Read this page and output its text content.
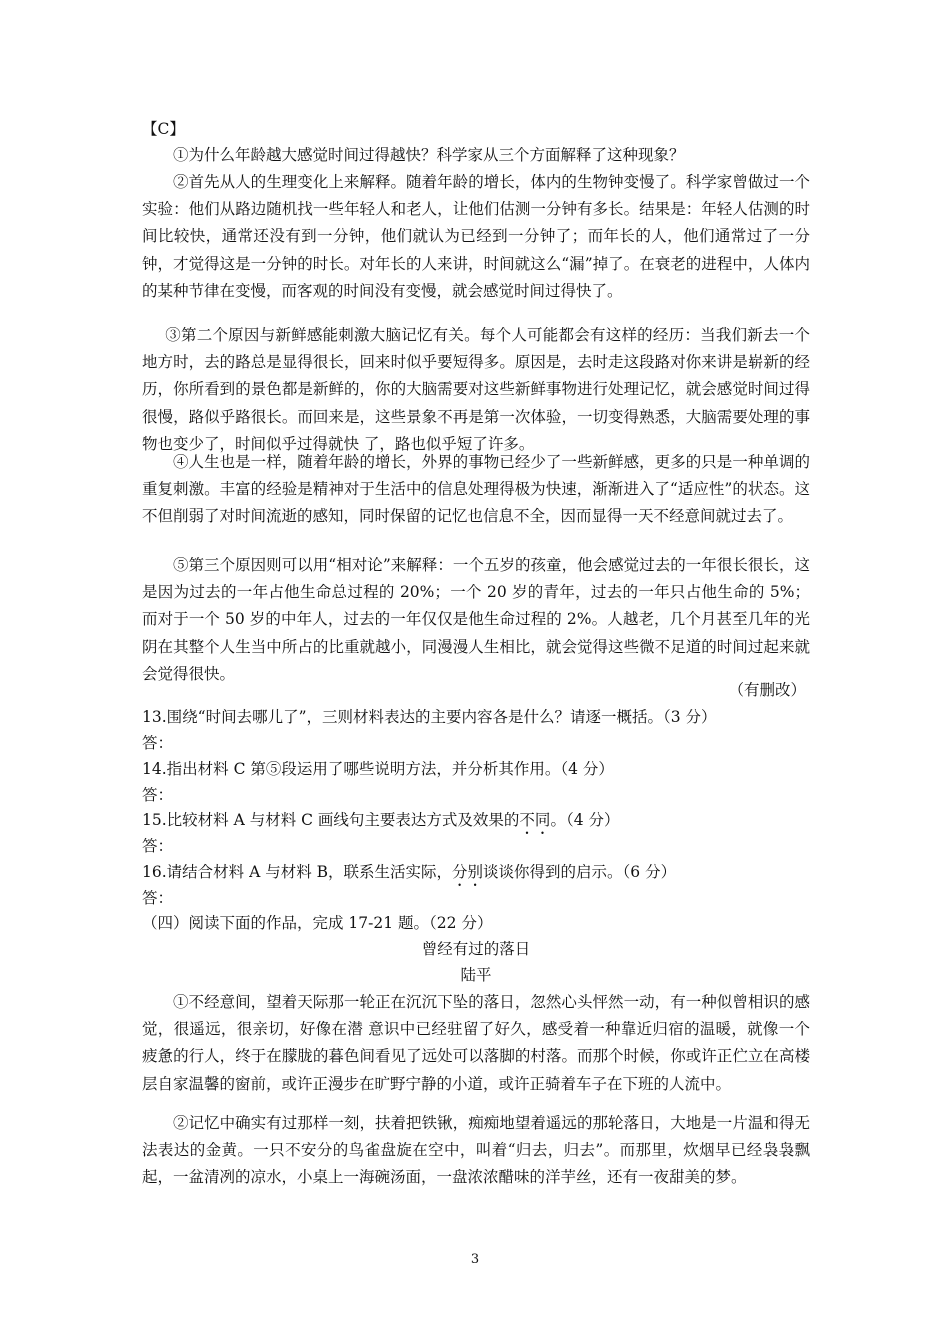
【C】
①为什么年龄越大感觉时间过得越快？科学家从三个方面解释了这种现象？
②首先从人的生理变化上来解释。随着年龄的增长，体内的生物钟变慢了。科学家曾做过一个实验：他们从路边随机找一些年轻人和老人，让他们估测一分钟有多长。结果是：年轻人估测的时间比较快，通常还没有到一分钟，他们就认为已经到一分钟了；而年长的人，他们通常过了一分钟，才觉得这是一分钟的时长。对年长的人来讲，时间就这么“漏”掉了。在衰老的进程中，人体内的某种节律在变慢，而客观的时间没有变慢，就会感觉时间过得快了。
③第二个原因与新鲜感能刺激大脑记忆有关。每个人可能都会有这样的经历：当我们新去一个地方时，去的路总是显得很长，回来时似乎要短得多。原因是，去时走这段路对你来讲是崭新的经历，你所看到的景色都是新鲜的，你的大脑需要对这些新鲜事物进行处理记忆，就会感觉时间过得很慢，路似乎路很长。而回来是，这些景象不再是第一次体验，一切变得熟悉，大脑需要处理的事物也变少了，时间似乎过得就快 了，路也似乎短了许多。
④人生也是一样，随着年龄的增长，外界的事物已经少了一些新鲜感，更多的只是一种单调的重复刺激。丰富的经验是精神对于生活中的信息处理得极为快速，渐渐进入了“适应性”的状态。这不但削弱了对时间流逝的感知，同时保留的记忆也信息不全，因而显得一天不经意间就过去了。
⑤第三个原因则可以用“相对论”来解释：一个五岁的孩童，他会感觉过去的一年很长很长，这是因为过去的一年占他生命总过程的 20%；一个 20 岁的青年，过去的一年只占他生命的 5%；而对于一个 50 岁的中年人，过去的一年仅仅是他生命过程的 2%。人越老，几个月甚至几年的光阴在其整个人生当中所占的比重就越小，同漫漫人生相比，就会觉得这些微不足道的时间过起来就会觉得很快。
（有删改）
13.围绕“时间去哪儿了”，三则材料表达的主要内容各是什么？请逐一概括。（3 分）
答：
14.指出材料 C 第⑤段运用了哪些说明方法，并分析其作用。（4 分）
答：
15.比较材料 A 与材料 C 画线句主要表达方式及效果的不同。（4 分）
答：
16.请结合材料 A 与材料 B，联系生活实际，分别谈谈你得到的启示。（6 分）
答：
（四）阅读下面的作品，完成 17-21 题。（22 分）
曾经有过的落日
陆平
①不经意间，望着天际那一轮正在沉沉下坠的落日，忽然心头怦然一动，有一种似曾相识的感觉，很遥远，很亲切，好像在潜 意识中已经驻留了好久，感受着一种靠近归宿的温暖，就像一个疲惫的行人，终于在朦胧的暮色间看见了远处可以落脚的村落。而那个时候，你或许正伫立在高楼层自家温馨的窗前，或许正漫步在旷野宁静的小道，或许正骑着车子在下班的人流中。
②记忆中确实有过那样一刻，扶着把铁锹，痴痴地望着遥远的那轮落日，大地是一片温和得无法表达的金黄。一只不安分的鸟雀盘旋在空中，叫着“归去，归去”。而那里，炊烟早已经袅袅飘起，一盆清冽的凉水，小桌上一海碗汤面，一盘浓浓醋味的洋芋丝，还有一夜甜美的梦。
3
